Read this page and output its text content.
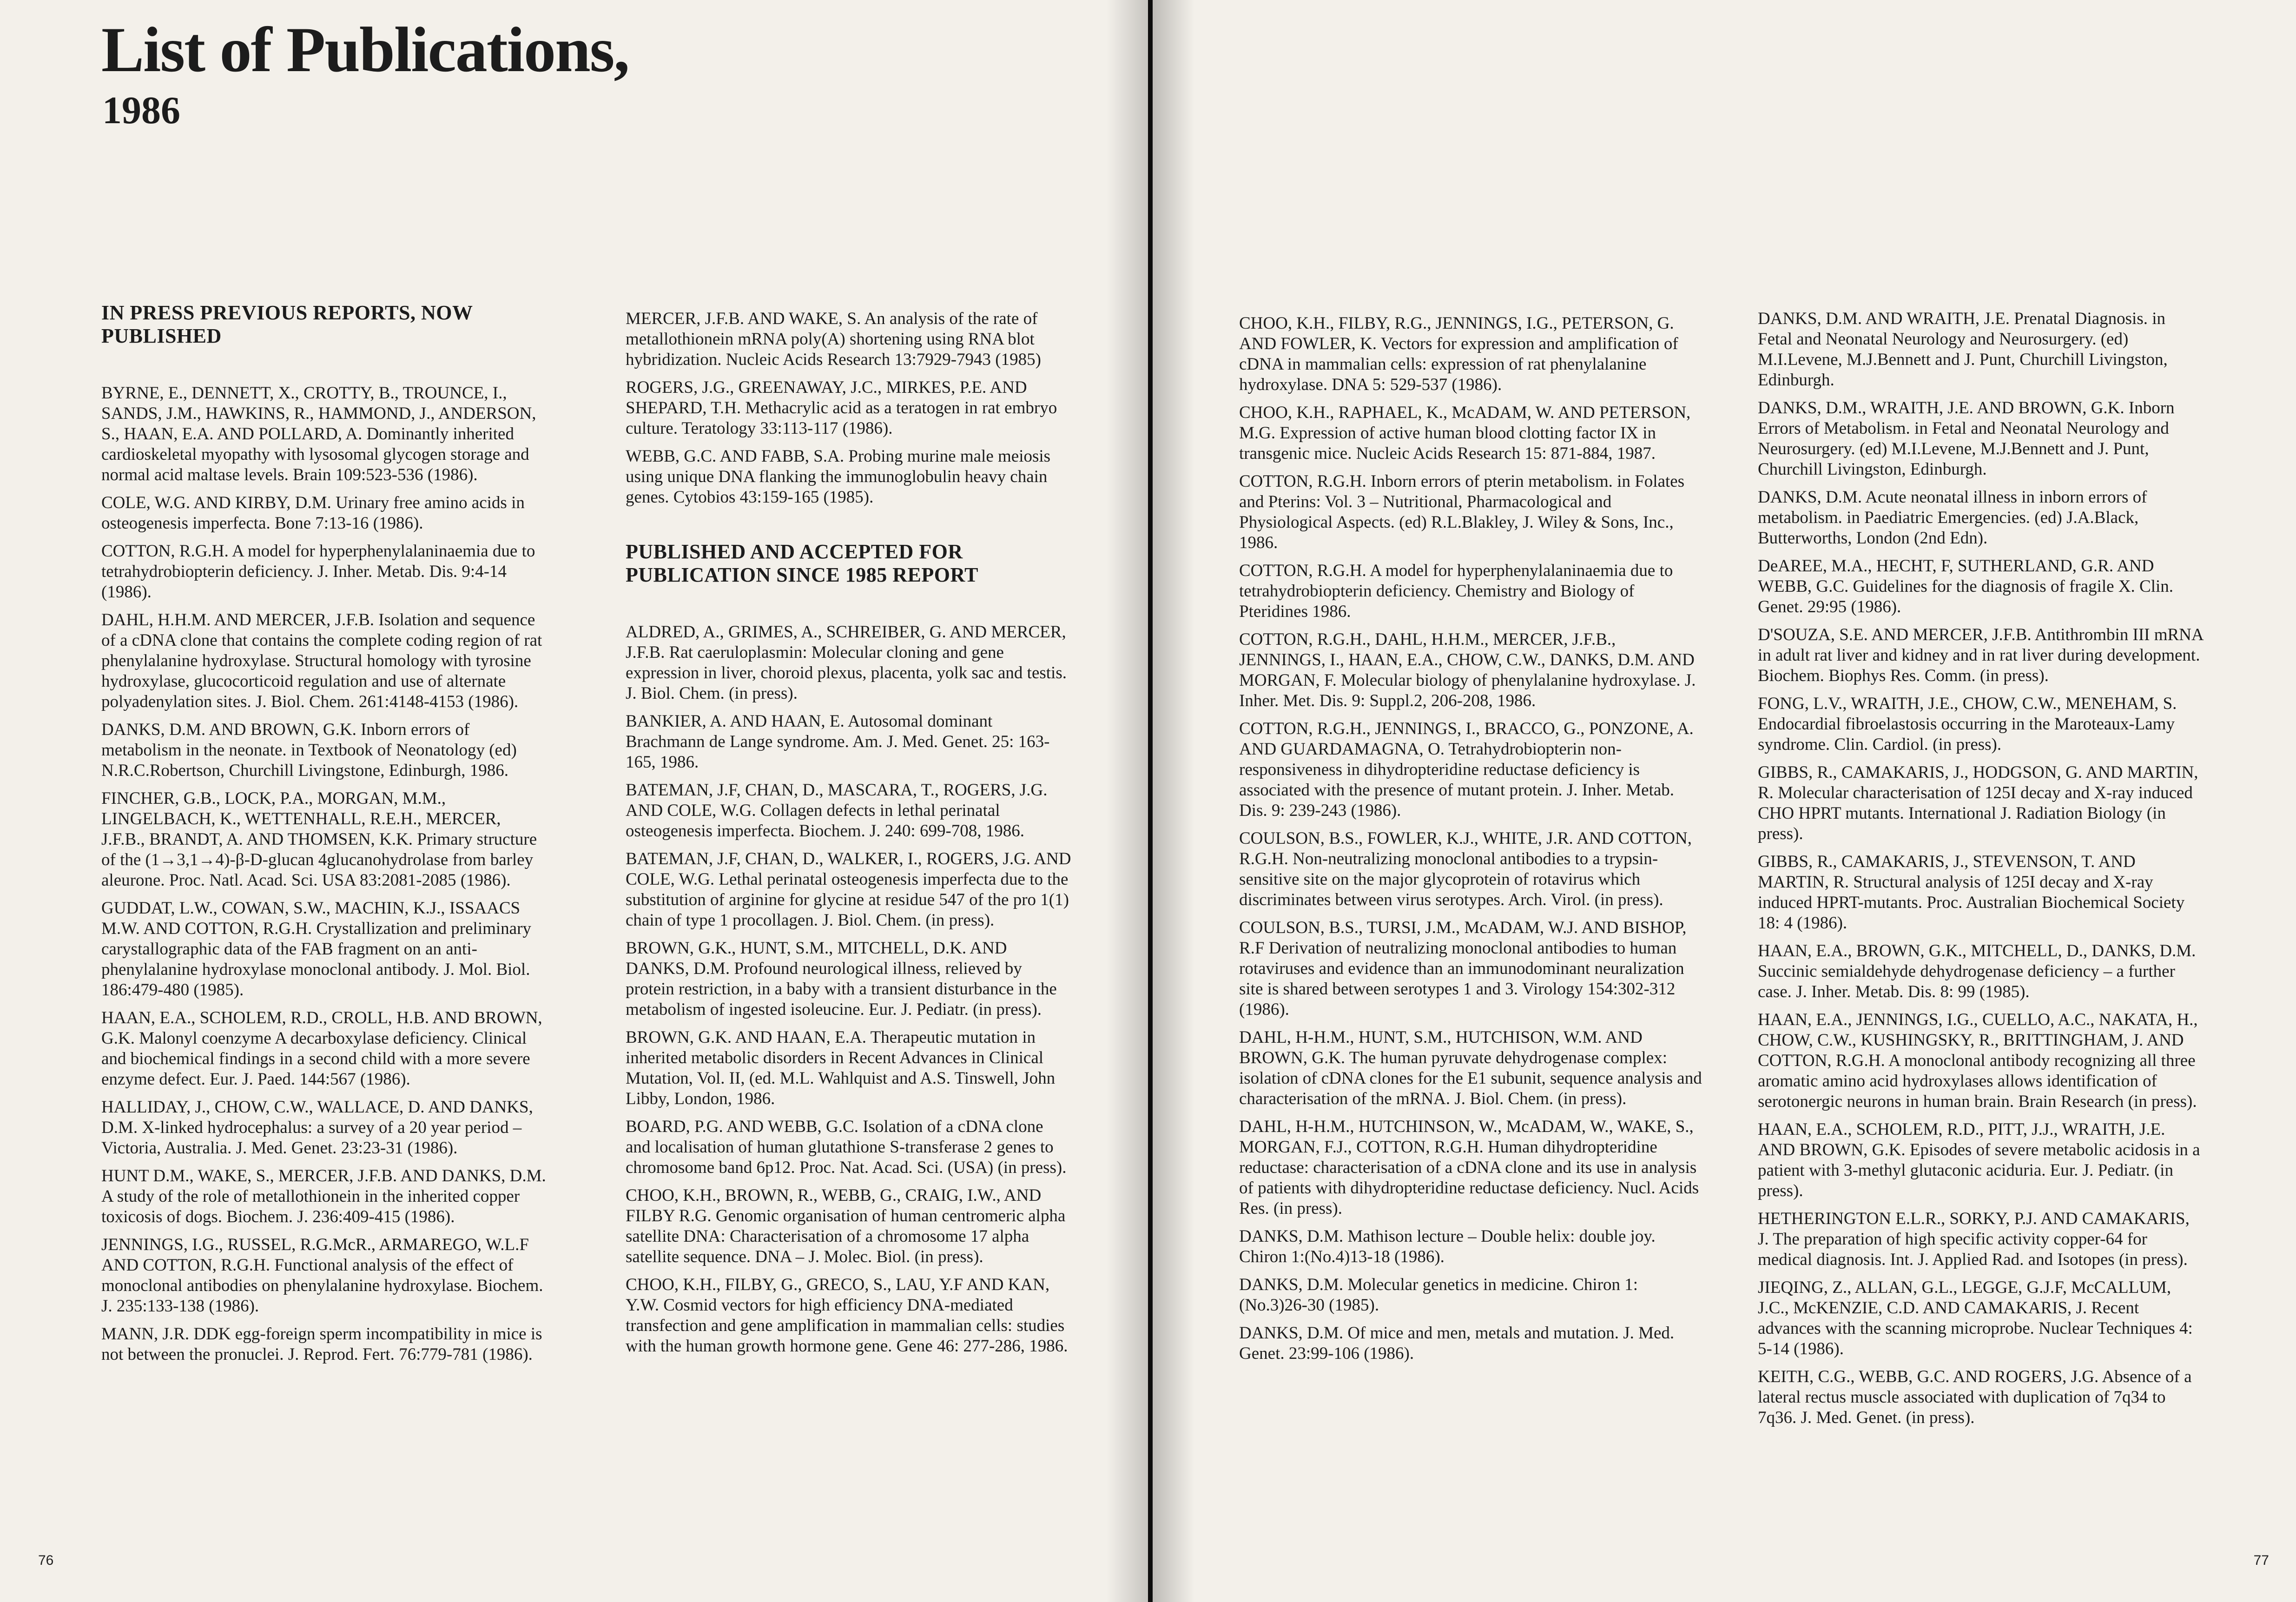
List of Publications,
1986
IN PRESS PREVIOUS REPORTS, NOW PUBLISHED

BYRNE, E., DENNETT, X., CROTTY, B., TROUNCE, I., SANDS, J.M., HAWKINS, R., HAMMOND, J., ANDERSON, S., HAAN, E.A. AND POLLARD, A. Dominantly inherited cardioskeletal myopathy with lysosomal glycogen storage and normal acid maltase levels. Brain 109:523-536 (1986).

COLE, W.G. AND KIRBY, D.M. Urinary free amino acids in osteogenesis imperfecta. Bone 7:13-16 (1986).

COTTON, R.G.H. A model for hyperphenylalaninaemia due to tetrahydrobiopterin deficiency. J. Inher. Metab. Dis. 9:4-14 (1986).

DAHL, H.H.M. AND MERCER, J.F.B. Isolation and sequence of a cDNA clone that contains the complete coding region of rat phenylalanine hydroxylase. Structural homology with tyrosine hydroxylase, glucocorticoid regulation and use of alternate polyadenylation sites. J. Biol. Chem. 261:4148-4153 (1986).

DANKS, D.M. AND BROWN, G.K. Inborn errors of metabolism in the neonate. in Textbook of Neonatology (ed) N.R.C.Robertson, Churchill Livingstone, Edinburgh, 1986.

FINCHER, G.B., LOCK, P.A., MORGAN, M.M., LINGELBACH, K., WETTENHALL, R.E.H., MERCER, J.F.B., BRANDT, A. AND THOMSEN, K.K. Primary structure of the (1→3,1→4)-β-D-glucan 4glucanohydrolase from barley aleurone. Proc. Natl. Acad. Sci. USA 83:2081-2085 (1986).

GUDDAT, L.W., COWAN, S.W., MACHIN, K.J., ISSAACS M.W. AND COTTON, R.G.H. Crystallization and preliminary carystallographic data of the FAB fragment on an anti-phenylalanine hydroxylase monoclonal antibody. J. Mol. Biol. 186:479-480 (1985).

HAAN, E.A., SCHOLEM, R.D., CROLL, H.B. AND BROWN, G.K. Malonyl coenzyme A decarboxylase deficiency. Clinical and biochemical findings in a second child with a more severe enzyme defect. Eur. J. Paed. 144:567 (1986).

HALLIDAY, J., CHOW, C.W., WALLACE, D. AND DANKS, D.M. X-linked hydrocephalus: a survey of a 20 year period – Victoria, Australia. J. Med. Genet. 23:23-31 (1986).

HUNT D.M., WAKE, S., MERCER, J.F.B. AND DANKS, D.M. A study of the role of metallothionein in the inherited copper toxicosis of dogs. Biochem. J. 236:409-415 (1986).

JENNINGS, I.G., RUSSEL, R.G.McR., ARMAREGO, W.L.F AND COTTON, R.G.H. Functional analysis of the effect of monoclonal antibodies on phenylalanine hydroxylase. Biochem. J. 235:133-138 (1986).

MANN, J.R. DDK egg-foreign sperm incompatibility in mice is not between the pronuclei. J. Reprod. Fert. 76:779-781 (1986).

MERCER, J.F.B. AND WAKE, S. An analysis of the rate of metallothionein mRNA poly(A) shortening using RNA blot hybridization. Nucleic Acids Research 13:7929-7943 (1985)

ROGERS, J.G., GREENAWAY, J.C., MIRKES, P.E. AND SHEPARD, T.H. Methacrylic acid as a teratogen in rat embryo culture. Teratology 33:113-117 (1986).

WEBB, G.C. AND FABB, S.A. Probing murine male meiosis using unique DNA flanking the immunoglobulin heavy chain genes. Cytobios 43:159-165 (1985).

PUBLISHED AND ACCEPTED FOR PUBLICATION SINCE 1985 REPORT

ALDRED, A., GRIMES, A., SCHREIBER, G. AND MERCER, J.F.B. Rat caeruloplasmin: Molecular cloning and gene expression in liver, choroid plexus, placenta, yolk sac and testis. J. Biol. Chem. (in press).

BANKIER, A. AND HAAN, E. Autosomal dominant Brachmann de Lange syndrome. Am. J. Med. Genet. 25: 163-165, 1986.

BATEMAN, J.F, CHAN, D., MASCARA, T., ROGERS, J.G. AND COLE, W.G. Collagen defects in lethal perinatal osteogenesis imperfecta. Biochem. J. 240: 699-708, 1986.

BATEMAN, J.F, CHAN, D., WALKER, I., ROGERS, J.G. AND COLE, W.G. Lethal perinatal osteogenesis imperfecta due to the substitution of arginine for glycine at residue 547 of the pro 1(1) chain of type 1 procollagen. J. Biol. Chem. (in press).

BROWN, G.K., HUNT, S.M., MITCHELL, D.K. AND DANKS, D.M. Profound neurological illness, relieved by protein restriction, in a baby with a transient disturbance in the metabolism of ingested isoleucine. Eur. J. Pediatr. (in press).

BROWN, G.K. AND HAAN, E.A. Therapeutic mutation in inherited metabolic disorders in Recent Advances in Clinical Mutation, Vol. II, (ed. M.L. Wahlquist and A.S. Tinswell, John Libby, London, 1986.

BOARD, P.G. AND WEBB, G.C. Isolation of a cDNA clone and localisation of human glutathione S-transferase 2 genes to chromosome band 6p12. Proc. Nat. Acad. Sci. (USA) (in press).

CHOO, K.H., BROWN, R., WEBB, G., CRAIG, I.W., AND FILBY R.G. Genomic organisation of human centromeric alpha satellite DNA: Characterisation of a chromosome 17 alpha satellite sequence. DNA – J. Molec. Biol. (in press).

CHOO, K.H., FILBY, G., GRECO, S., LAU, Y.F AND KAN, Y.W. Cosmid vectors for high efficiency DNA-mediated transfection and gene amplification in mammalian cells: studies with the human growth hormone gene. Gene 46: 277-286, 1986.

76

CHOO, K.H., FILBY, R.G., JENNINGS, I.G., PETERSON, G. AND FOWLER, K. Vectors for expression and amplification of cDNA in mammalian cells: expression of rat phenylalanine hydroxylase. DNA 5: 529-537 (1986).

CHOO, K.H., RAPHAEL, K., McADAM, W. AND PETERSON, M.G. Expression of active human blood clotting factor IX in transgenic mice. Nucleic Acids Research 15: 871-884, 1987.

COTTON, R.G.H. Inborn errors of pterin metabolism. in Folates and Pterins: Vol. 3 – Nutritional, Pharmacological and Physiological Aspects. (ed) R.L.Blakley, J. Wiley & Sons, Inc., 1986.

COTTON, R.G.H. A model for hyperphenylalaninaemia due to tetrahydrobiopterin deficiency. Chemistry and Biology of Pteridines 1986.

COTTON, R.G.H., DAHL, H.H.M., MERCER, J.F.B., JENNINGS, I., HAAN, E.A., CHOW, C.W., DANKS, D.M. AND MORGAN, F. Molecular biology of phenylalanine hydroxylase. J. Inher. Met. Dis. 9: Suppl.2, 206-208, 1986.

COTTON, R.G.H., JENNINGS, I., BRACCO, G., PONZONE, A. AND GUARDAMAGNA, O. Tetrahydrobiopterin non-responsiveness in dihydropteridine reductase deficiency is associated with the presence of mutant protein. J. Inher. Metab. Dis. 9: 239-243 (1986).

COULSON, B.S., FOWLER, K.J., WHITE, J.R. AND COTTON, R.G.H. Non-neutralizing monoclonal antibodies to a trypsin-sensitive site on the major glycoprotein of rotavirus which discriminates between virus serotypes. Arch. Virol. (in press).

COULSON, B.S., TURSI, J.M., McADAM, W.J. AND BISHOP, R.F Derivation of neutralizing monoclonal antibodies to human rotaviruses and evidence than an immunodominant neuralization site is shared between serotypes 1 and 3. Virology 154:302-312 (1986).

DAHL, H-H.M., HUNT, S.M., HUTCHISON, W.M. AND BROWN, G.K. The human pyruvate dehydrogenase complex: isolation of cDNA clones for the E1 subunit, sequence analysis and characterisation of the mRNA. J. Biol. Chem. (in press).

DAHL, H-H.M., HUTCHINSON, W., McADAM, W., WAKE, S., MORGAN, F.J., COTTON, R.G.H. Human dihydropteridine reductase: characterisation of a cDNA clone and its use in analysis of patients with dihydropteridine reductase deficiency. Nucl. Acids Res. (in press).

DANKS, D.M. Mathison lecture – Double helix: double joy. Chiron 1:(No.4)13-18 (1986).

DANKS, D.M. Molecular genetics in medicine. Chiron 1:(No.3)26-30 (1985).

DANKS, D.M. Of mice and men, metals and mutation. J. Med. Genet. 23:99-106 (1986).

DANKS, D.M. AND WRAITH, J.E. Prenatal Diagnosis. in Fetal and Neonatal Neurology and Neurosurgery. (ed) M.I.Levene, M.J.Bennett and J. Punt, Churchill Livingston, Edinburgh.

DANKS, D.M., WRAITH, J.E. AND BROWN, G.K. Inborn Errors of Metabolism. in Fetal and Neonatal Neurology and Neurosurgery. (ed) M.I.Levene, M.J.Bennett and J. Punt, Churchill Livingston, Edinburgh.

DANKS, D.M. Acute neonatal illness in inborn errors of metabolism. in Paediatric Emergencies. (ed) J.A.Black, Butterworths, London (2nd Edn).

DeAREE, M.A., HECHT, F, SUTHERLAND, G.R. AND WEBB, G.C. Guidelines for the diagnosis of fragile X. Clin. Genet. 29:95 (1986).

D'SOUZA, S.E. AND MERCER, J.F.B. Antithrombin III mRNA in adult rat liver and kidney and in rat liver during development. Biochem. Biophys Res. Comm. (in press).

FONG, L.V., WRAITH, J.E., CHOW, C.W., MENEHAM, S. Endocardial fibroelastosis occurring in the Maroteaux-Lamy syndrome. Clin. Cardiol. (in press).

GIBBS, R., CAMAKARIS, J., HODGSON, G. AND MARTIN, R. Molecular characterisation of 125I decay and X-ray induced CHO HPRT mutants. International J. Radiation Biology (in press).

GIBBS, R., CAMAKARIS, J., STEVENSON, T. AND MARTIN, R. Structural analysis of 125I decay and X-ray induced HPRT-mutants. Proc. Australian Biochemical Society 18: 4 (1986).

HAAN, E.A., BROWN, G.K., MITCHELL, D., DANKS, D.M. Succinic semialdehyde dehydrogenase deficiency – a further case. J. Inher. Metab. Dis. 8: 99 (1985).

HAAN, E.A., JENNINGS, I.G., CUELLO, A.C., NAKATA, H., CHOW, C.W., KUSHINGSKY, R., BRITTINGHAM, J. AND COTTON, R.G.H. A monoclonal antibody recognizing all three aromatic amino acid hydroxylases allows identification of serotonergic neurons in human brain. Brain Research (in press).

HAAN, E.A., SCHOLEM, R.D., PITT, J.J., WRAITH, J.E. AND BROWN, G.K. Episodes of severe metabolic acidosis in a patient with 3-methyl glutaconic aciduria. Eur. J. Pediatr. (in press).

HETHERINGTON E.L.R., SORKY, P.J. AND CAMAKARIS, J. The preparation of high specific activity copper-64 for medical diagnosis. Int. J. Applied Rad. and Isotopes (in press).

JIEQING, Z., ALLAN, G.L., LEGGE, G.J.F, McCALLUM, J.C., McKENZIE, C.D. AND CAMAKARIS, J. Recent advances with the scanning microprobe. Nuclear Techniques 4: 5-14 (1986).

KEITH, C.G., WEBB, G.C. AND ROGERS, J.G. Absence of a lateral rectus muscle associated with duplication of 7q34 to 7q36. J. Med. Genet. (in press).

77
